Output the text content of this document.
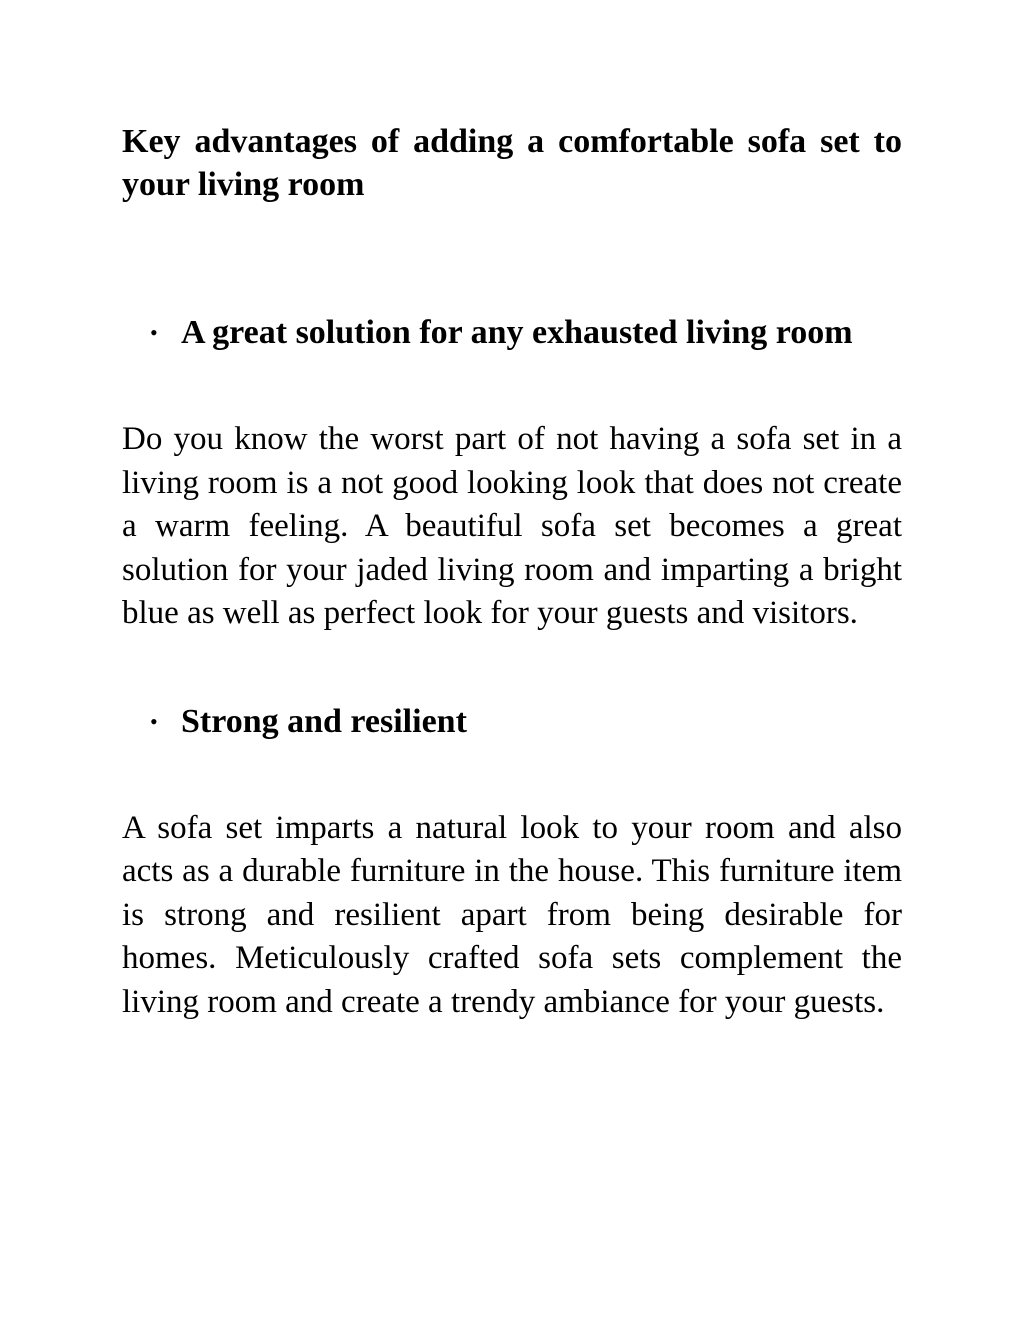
Key advantages of adding a comfortable sofa set to your living room
• A great solution for any exhausted living room

Do you know the worst part of not having a sofa set in a living room is a not good looking look that does not create a warm feeling. A beautiful sofa set becomes a great solution for your jaded living room and imparting a bright blue as well as perfect look for your guests and visitors.

• Strong and resilient

A sofa set imparts a natural look to your room and also acts as a durable furniture in the house. This furniture item is strong and resilient apart from being desirable for homes. Meticulously crafted sofa sets complement the living room and create a trendy ambiance for your guests.
